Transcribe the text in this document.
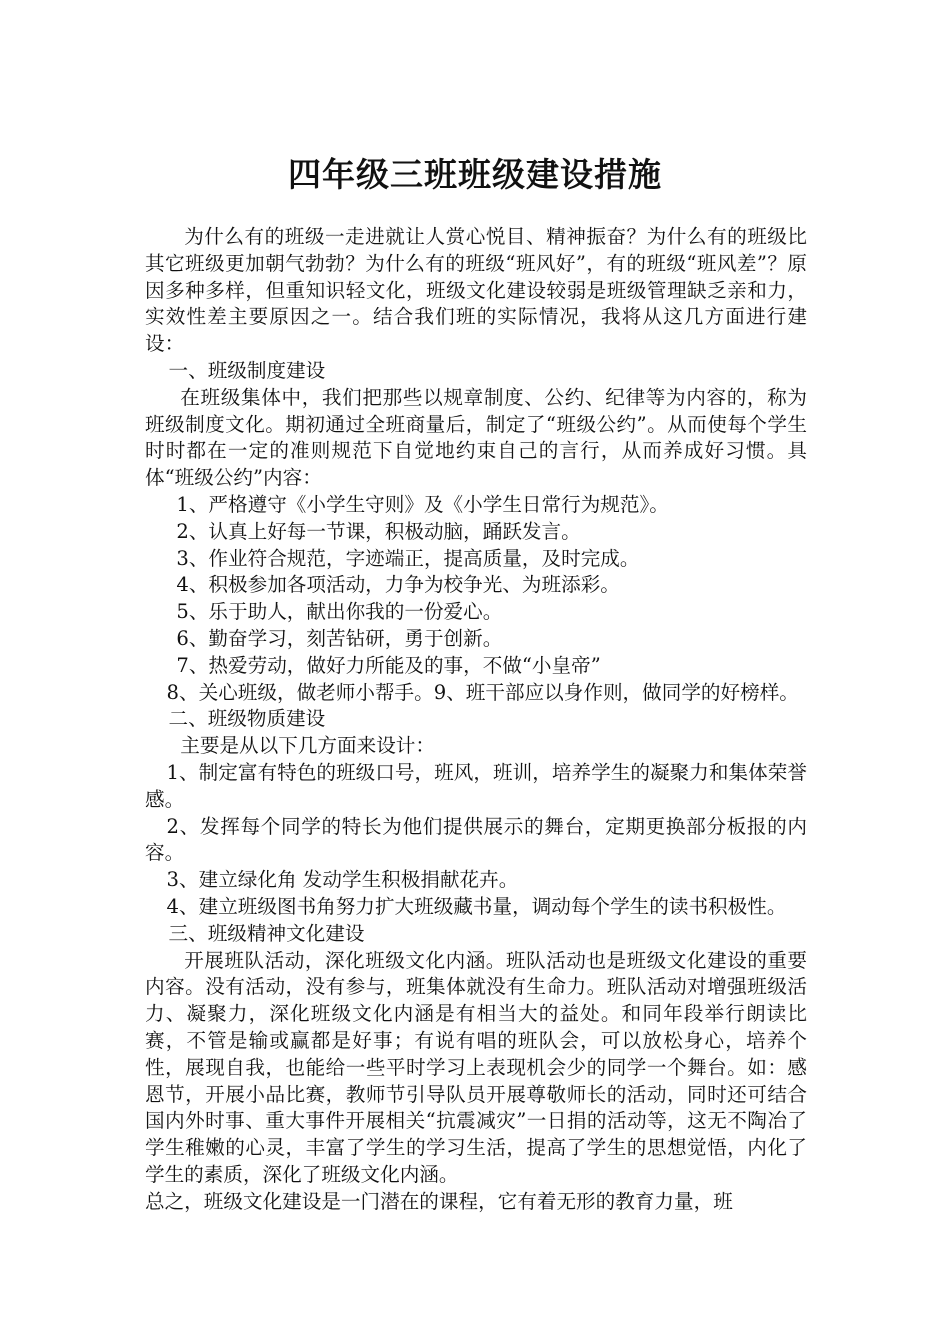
四年级三班班级建设措施

为什么有的班级一走进就让人赏心悦目、精神振奋？为什么有的班级比其它班级更加朝气勃勃？为什么有的班级“班风好”，有的班级“班风差”？原因多种多样，但重知识轻文化，班级文化建设较弱是班级管理缺乏亲和力，实效性差主要原因之一。结合我们班的实际情况，我将从这几方面进行建设：

一、班级制度建设

在班级集体中，我们把那些以规章制度、公约、纪律等为内容的，称为班级制度文化。期初通过全班商量后，制定了“班级公约”。从而使每个学生时时都在一定的准则规范下自觉地约束自己的言行，从而养成好习惯。具体“班级公约”内容：

1、严格遵守《小学生守则》及《小学生日常行为规范》。

2、认真上好每一节课，积极动脑，踊跃发言。

3、作业符合规范，字迹端正，提高质量，及时完成。

4、积极参加各项活动，力争为校争光、为班添彩。

5、乐于助人，献出你我的一份爱心。

6、勤奋学习，刻苦钻研，勇于创新。

7、热爱劳动，做好力所能及的事，不做“小皇帝”

8、关心班级，做老师小帮手。9、班干部应以身作则，做同学的好榜样。

二、班级物质建设

主要是从以下几方面来设计：

1、制定富有特色的班级口号，班风，班训，培养学生的凝聚力和集体荣誉感。

2、发挥每个同学的特长为他们提供展示的舞台，定期更换部分板报的内容。

3、建立绿化角 发动学生积极捐献花卉。

4、建立班级图书角努力扩大班级藏书量，调动每个学生的读书积极性。

三、班级精神文化建设

开展班队活动，深化班级文化内涵。班队活动也是班级文化建设的重要内容。没有活动，没有参与，班集体就没有生命力。班队活动对增强班级活力、凝聚力，深化班级文化内涵是有相当大的益处。和同年段举行朗读比赛，不管是输或赢都是好事；有说有唱的班队会，可以放松身心，培养个性，展现自我，也能给一些平时学习上表现机会少的同学一个舞台。如：感恩节，开展小品比赛，教师节引导队员开展尊敬师长的活动，同时还可结合国内外时事、重大事件开展相关“抗震减灾”一日捐的活动等，这无不陶冶了学生稚嫩的心灵，丰富了学生的学习生活，提高了学生的思想觉悟，内化了学生的素质，深化了班级文化内涵。

总之，班级文化建设是一门潜在的课程，它有着无形的教育力量，班
